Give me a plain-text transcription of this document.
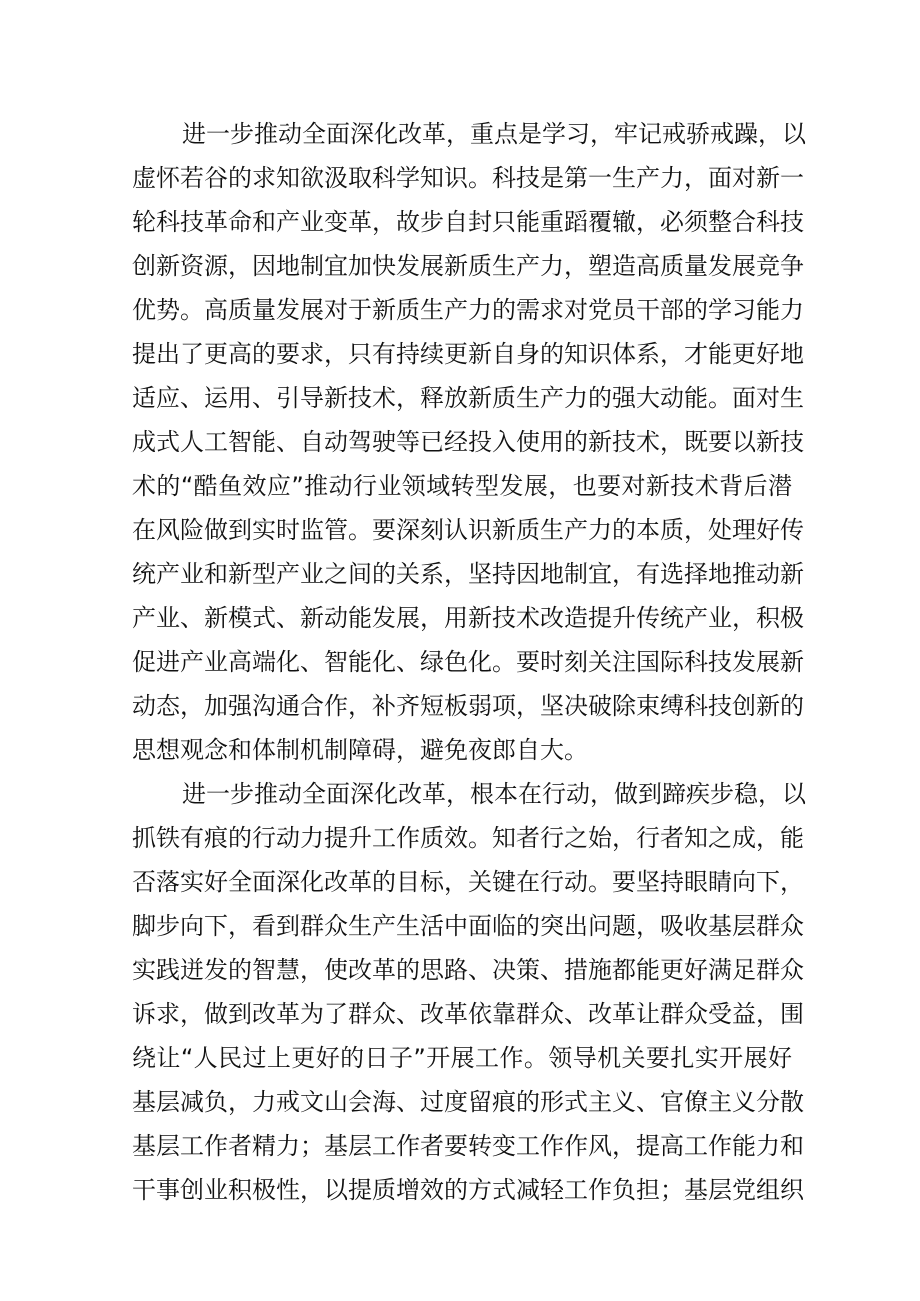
进一步推动全面深化改革，重点是学习，牢记戒骄戒躁，以
虚怀若谷的求知欲汲取科学知识。科技是第一生产力，面对新一
轮科技革命和产业变革，故步自封只能重蹈覆辙，必须整合科技
创新资源，因地制宜加快发展新质生产力，塑造高质量发展竞争
优势。高质量发展对于新质生产力的需求对党员干部的学习能力
提出了更高的要求，只有持续更新自身的知识体系，才能更好地
适应、运用、引导新技术，释放新质生产力的强大动能。面对生
成式人工智能、自动驾驶等已经投入使用的新技术，既要以新技
术的“酷鱼效应”推动行业领域转型发展，也要对新技术背后潜
在风险做到实时监管。要深刻认识新质生产力的本质，处理好传
统产业和新型产业之间的关系，坚持因地制宜，有选择地推动新
产业、新模式、新动能发展，用新技术改造提升传统产业，积极
促进产业高端化、智能化、绿色化。要时刻关注国际科技发展新
动态，加强沟通合作，补齐短板弱项，坚决破除束缚科技创新的
思想观念和体制机制障碍，避免夜郎自大。
进一步推动全面深化改革，根本在行动，做到蹄疾步稳，以
抓铁有痕的行动力提升工作质效。知者行之始，行者知之成，能
否落实好全面深化改革的目标，关键在行动。要坚持眼睛向下，
脚步向下，看到群众生产生活中面临的突出问题，吸收基层群众
实践迸发的智慧，使改革的思路、决策、措施都能更好满足群众
诉求，做到改革为了群众、改革依靠群众、改革让群众受益，围
绕让“人民过上更好的日子”开展工作。领导机关要扎实开展好
基层减负，力戒文山会海、过度留痕的形式主义、官僚主义分散
基层工作者精力；基层工作者要转变工作作风，提高工作能力和
干事创业积极性，以提质增效的方式减轻工作负担；基层党组织
